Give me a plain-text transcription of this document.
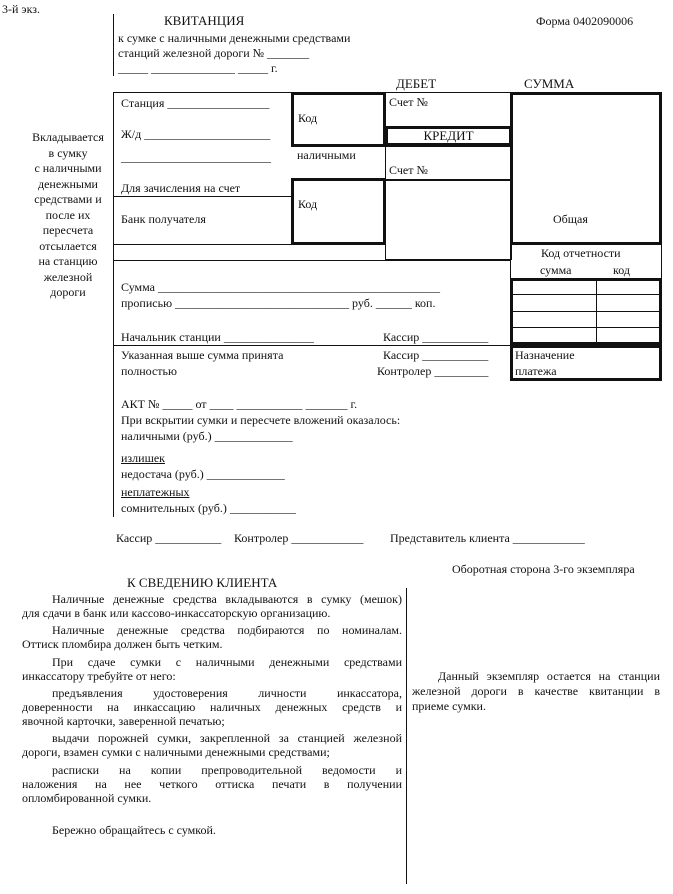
3-й экз.
КВИТАНЦИЯ
к сумке с наличными денежными средствами
станций железной дороги № _______
_____ ______________ _____ г.
Форма 0402090006
Вкладывается
в сумку
с наличными
денежными
средствами и
после их
пересчета
отсылается
на станцию
железной
дороги
ДЕБЕТ	СУММА
Станция _________________
Ж/д _____________________
_________________________ наличными
Для зачисления на счет
Банк получателя
Код
Код
Счет №
КРЕДИТ
Счет №
Общая
Код отчетности
сумма	код
Сумма _______________________________________________
прописью _____________________________ руб. ______ коп.
Начальник станции _______________	Кассир ___________
Указанная выше сумма принята
полностью
Кассир ___________
Контролер _________
Назначение
платежа
АКТ № _____ от ____ ___________ _______ г.
При вскрытии сумки и пересчете вложений оказалось:
наличными (руб.) _____________
излишек
недостача (руб.) _____________
неплатежных
сомнительных (руб.) ___________
Кассир ___________ Контролер ____________ Представитель клиента ____________
Оборотная сторона 3-го экземпляра
К СВЕДЕНИЮ КЛИЕНТА
Наличные денежные средства вкладываются в сумку (мешок)
для сдачи в банк или кассово-инкассаторскую организацию.
Наличные денежные средства подбираются по номиналам.
Оттиск пломбира должен быть четким.
При сдаче сумки с наличными денежными средствами
инкассатору требуйте от него:
предъявления удостоверения личности инкассатора,
доверенности на инкассацию наличных денежных средств и
явочной карточки, заверенной печатью;
выдачи порожней сумки, закрепленной за станцией железной
дороги, взамен сумки с наличными денежными средствами;
расписки на копии препроводительной ведомости и
наложения на нее четкого оттиска печати в получении
опломбированной сумки.
Бережно обращайтесь с сумкой.
Данный экземпляр остается на станции
железной дороги в качестве квитанции в
приеме сумки.
